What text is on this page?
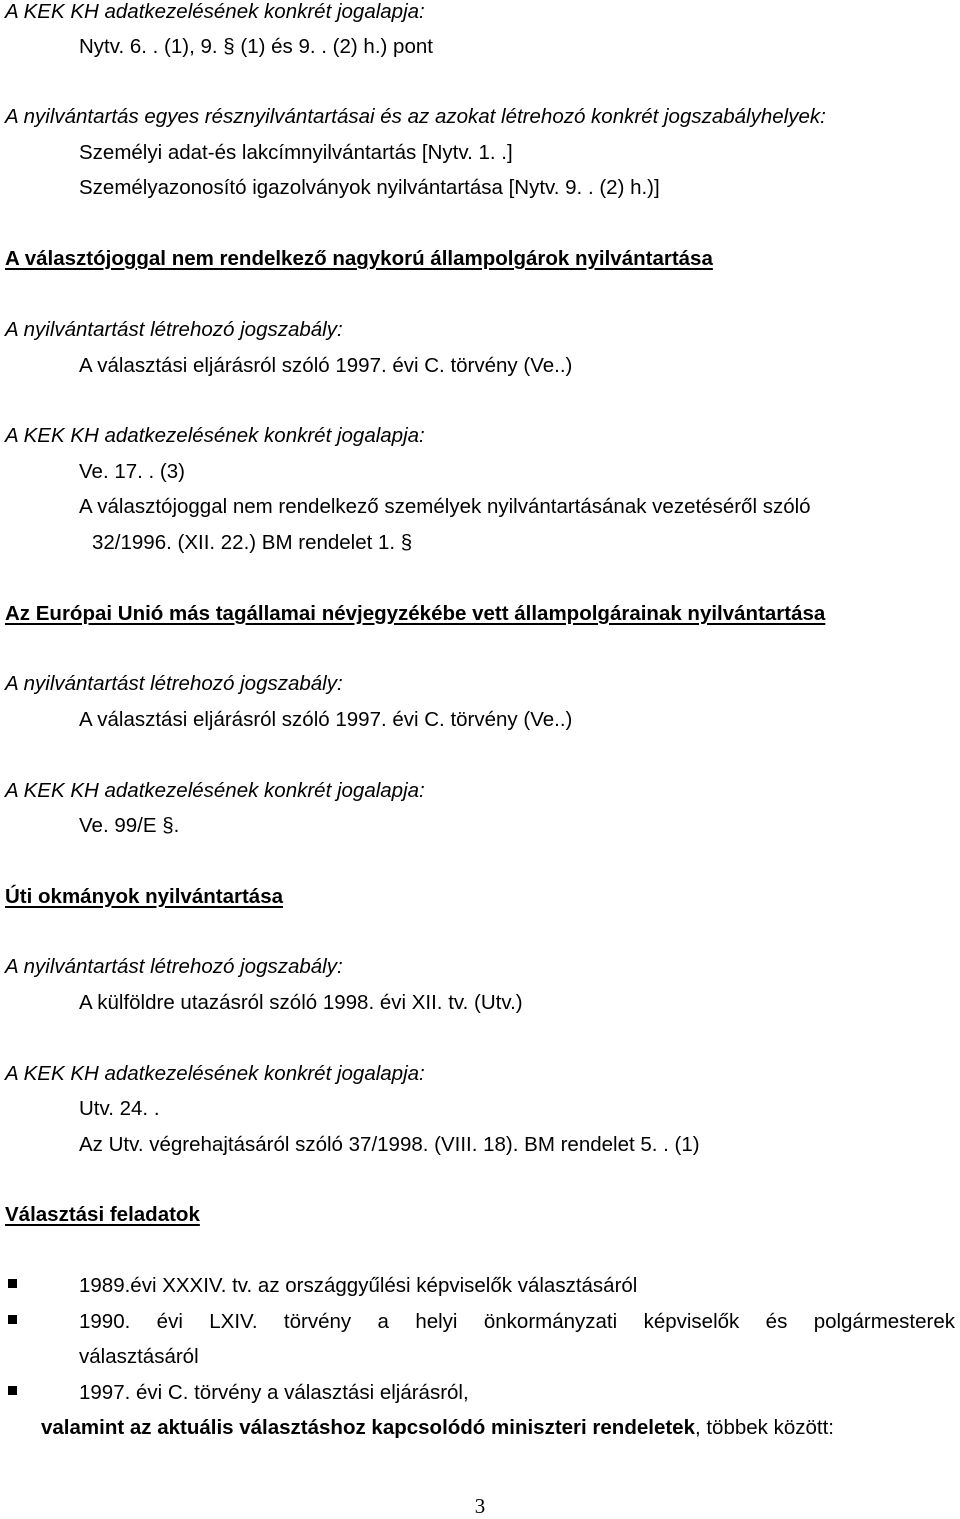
A KEK KH adatkezelésének konkrét jogalapja:
Nytv. 6. . (1), 9. § (1) és 9. . (2) h.) pont
A nyilvántartás egyes résznyilvántartásai és az azokat létrehozó konkrét jogszabályhelyek:
Személyi adat-és lakcímnyilvántartás [Nytv. 1. .]
Személyazonosító igazolványok nyilvántartása [Nytv. 9. . (2) h.)]
A választójoggal nem rendelkező nagykorú állampolgárok nyilvántartása
A nyilvántartást létrehozó jogszabály:
A választási eljárásról szóló 1997. évi C. törvény (Ve..)
A KEK KH adatkezelésének konkrét jogalapja:
Ve. 17. . (3)
A választójoggal nem rendelkező személyek nyilvántartásának vezetéséről szóló
32/1996. (XII. 22.) BM rendelet 1. §
Az Európai Unió más tagállamai névjegyzékébe vett állampolgárainak nyilvántartása
A nyilvántartást létrehozó jogszabály:
A választási eljárásról szóló 1997. évi C. törvény (Ve..)
A KEK KH adatkezelésének konkrét jogalapja:
Ve. 99/E §.
Úti okmányok nyilvántartása
A nyilvántartást létrehozó jogszabály:
A külföldre utazásról szóló 1998. évi XII. tv. (Utv.)
A KEK KH adatkezelésének konkrét jogalapja:
Utv. 24. .
Az Utv. végrehajtásáról szóló 37/1998. (VIII. 18). BM rendelet 5. . (1)
Választási feladatok
1989.évi XXXIV. tv. az országgyűlési képviselők választásáról
1990. évi LXIV. törvény a helyi önkormányzati képviselők és polgármesterek
választásáról
1997. évi C. törvény a választási eljárásról,
valamint az aktuális választáshoz kapcsolódó miniszteri rendeletek, többek között:
3
